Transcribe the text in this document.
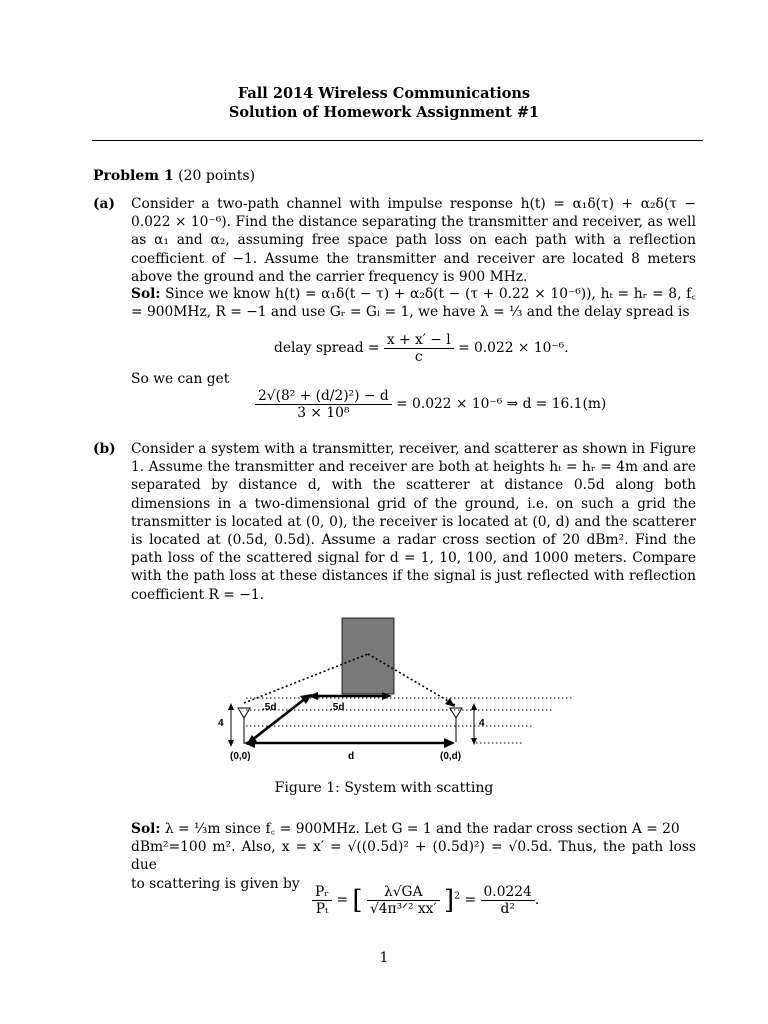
Fall 2014 Wireless Communications
Solution of Homework Assignment #1
Problem 1 (20 points)
(a) Consider a two-path channel with impulse response h(t) = α₁δ(τ) + α₂δ(τ − 0.022 × 10⁻⁶). Find the distance separating the transmitter and receiver, as well as α₁ and α₂, assuming free space path loss on each path with a reflection coefficient of −1. Assume the transmitter and receiver are located 8 meters above the ground and the carrier frequency is 900 MHz.
Sol: Since we know h(t) = α₁δ(t − τ) + α₂δ(t − (τ + 0.22 × 10⁻⁶)), hₜ = hᵣ = 8, f꜀ = 900MHz, R = −1 and use Gᵣ = Gₗ = 1, we have λ = ⅓ and the delay spread is
delay spread = $\frac{x + x' - l}{c} = 0.022 \times 10^{-6}$.
So we can get
$\frac{\text{2√(8² + (d/2)²) − d}}{\text{3 × 10⁸}} = 0.022 \times 10^{-6}$ ⇒ d = 16.1(m)
(b) Consider a system with a transmitter, receiver, and scatterer as shown in Figure 1. Assume the transmitter and receiver are both at heights hₜ = hᵣ = 4m and are separated by distance d, with the scatterer at distance 0.5d along both dimensions in a two-dimensional grid of the ground, i.e. on such a grid the transmitter is located at (0, 0), the receiver is located at (0, d) and the scatterer is located at (0.5d, 0.5d). Assume a radar cross section of 20 dBm². Find the path loss of the scattered signal for d = 1, 10, 100, and 1000 meters. Compare with the path loss at these distances if the signal is just reflected with reflection coefficient R = −1.
4	4
.5d	.5d
(0,0)	d	(0,d)
Figure 1: System with scatting
Sol: λ = ⅓m since f꜀ = 900MHz. Let G = 1 and the radar cross section A = 20
dBm²=100 m². Also, x = x′ = √((0.5d)² + (0.5d)²) = √0.5d. Thus, the path loss due
to scattering is given by
$\frac{\text{Pᵣ}}{\text{Pₜ}}$ = [ $\frac{\lambda√GA}{\text{√4π³ᐟ² xx′}} ]^2 = \frac{0.0224}{\text{d²}}$ .
1
